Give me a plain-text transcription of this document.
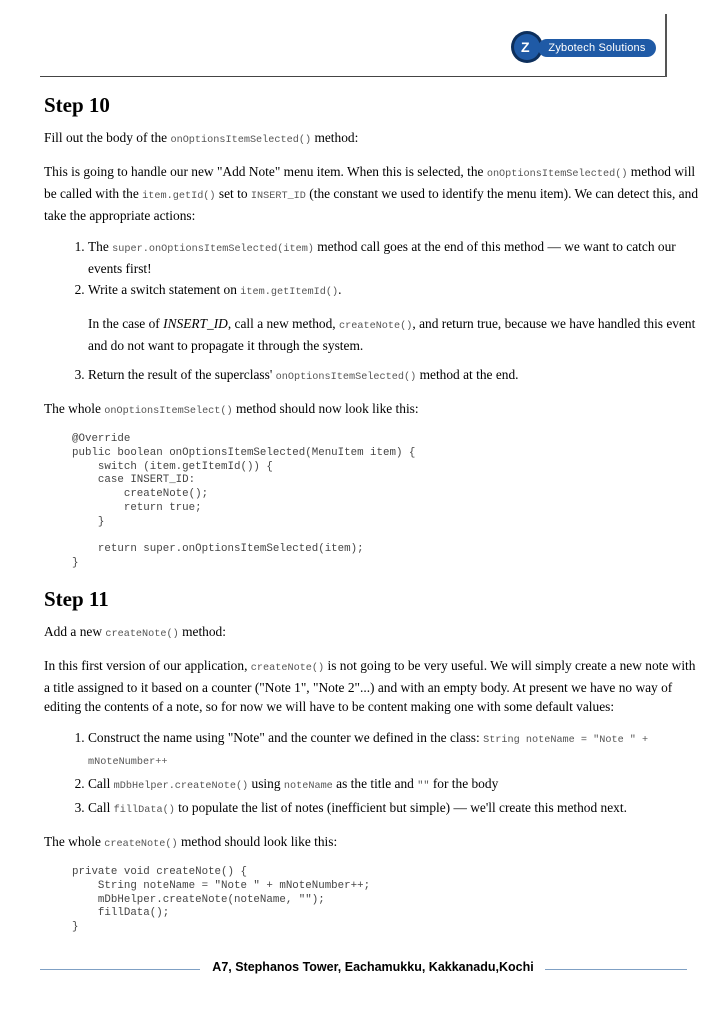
Z	Zybotech Solutions
Step 10

Fill out the body of the onOptionsItemSelected() method:

This is going to handle our new "Add Note" menu item. When this is selected, the onOptionsItemSelected() method will be called with the item.getId() set to INSERT_ID (the constant we used to identify the menu item). We can detect this, and take the appropriate actions:

1. The super.onOptionsItemSelected(item) method call goes at the end of this method — we want to catch our events first!
2. Write a switch statement on item.getItemId().
In the case of INSERT_ID, call a new method, createNote(), and return true, because we have handled this event and do not want to propagate it through the system.
3. Return the result of the superclass' onOptionsItemSelected() method at the end.

The whole onOptionsItemSelect() method should now look like this:

@Override
public boolean onOptionsItemSelected(MenuItem item) {
switch (item.getItemId()) {
case INSERT_ID:
createNote();
return true;
}

return super.onOptionsItemSelected(item);
}
Step 11

Add a new createNote() method:

In this first version of our application, createNote() is not going to be very useful. We will simply create a new note with a title assigned to it based on a counter ("Note 1", "Note 2"...) and with an empty body. At present we have no way of editing the contents of a note, so for now we will have to be content making one with some default values:

1. Construct the name using "Note" and the counter we defined in the class: String noteName = "Note " + mNoteNumber++
2. Call mDbHelper.createNote() using noteName as the title and "" for the body
3. Call fillData() to populate the list of notes (inefficient but simple) — we'll create this method next.

The whole createNote() method should look like this:

private void createNote() {
String noteName = "Note " + mNoteNumber++;
mDbHelper.createNote(noteName, "");
fillData();
}
A7, Stephanos Tower, Eachamukku, Kakkanadu,Kochi
